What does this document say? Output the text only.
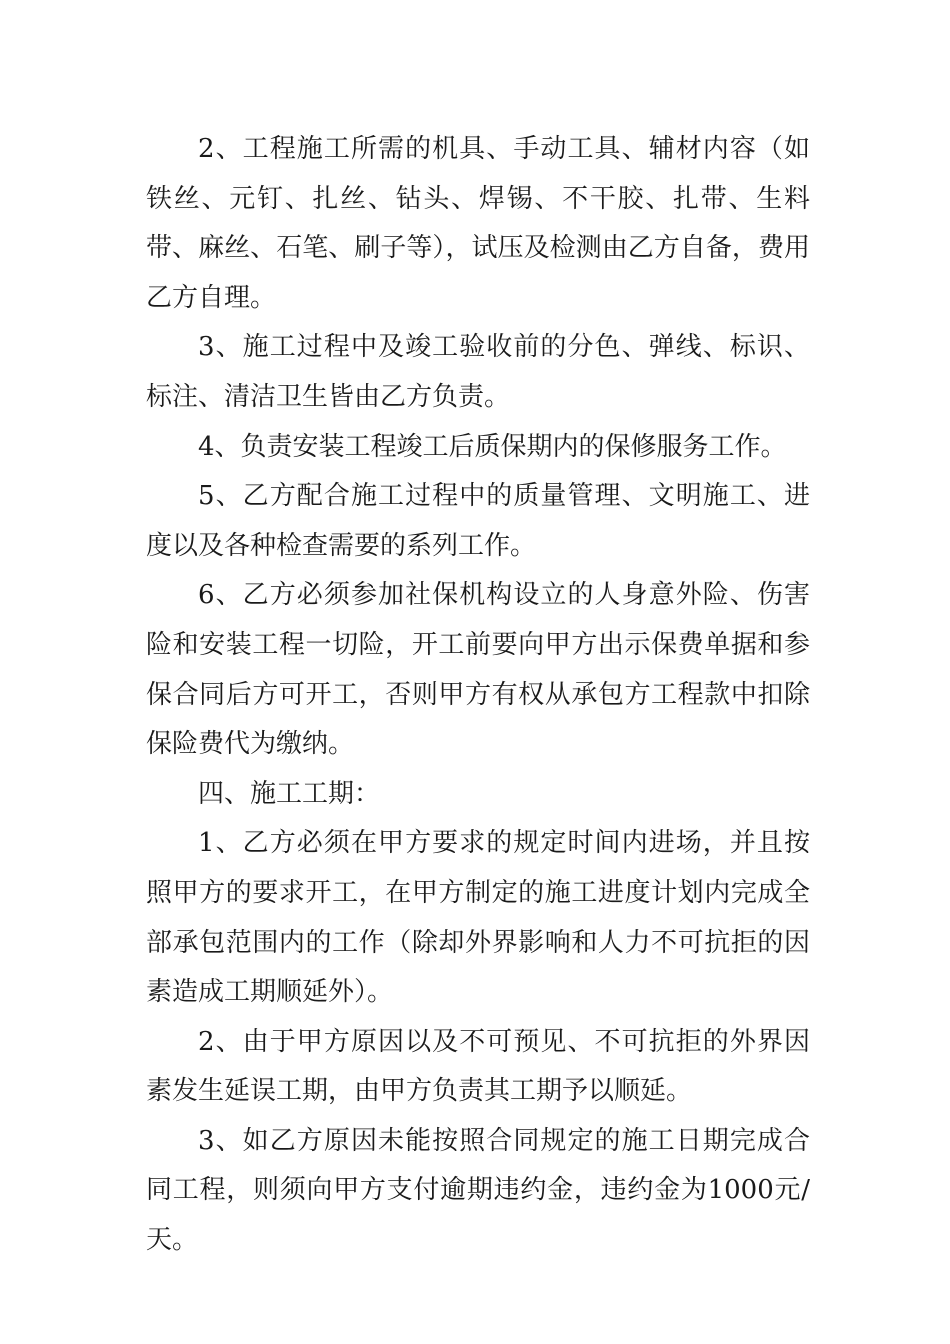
2、工程施工所需的机具、手动工具、辅材内容（如铁丝、元钉、扎丝、钻头、焊锡、不干胶、扎带、生料带、麻丝、石笔、刷子等），试压及检测由乙方自备，费用乙方自理。

3、施工过程中及竣工验收前的分色、弹线、标识、标注、清洁卫生皆由乙方负责。

4、负责安装工程竣工后质保期内的保修服务工作。

5、乙方配合施工过程中的质量管理、文明施工、进度以及各种检查需要的系列工作。

6、乙方必须参加社保机构设立的人身意外险、伤害险和安装工程一切险，开工前要向甲方出示保费单据和参保合同后方可开工，否则甲方有权从承包方工程款中扣除保险费代为缴纳。

四、施工工期：

1、乙方必须在甲方要求的规定时间内进场，并且按照甲方的要求开工，在甲方制定的施工进度计划内完成全部承包范围内的工作（除却外界影响和人力不可抗拒的因素造成工期顺延外）。

2、由于甲方原因以及不可预见、不可抗拒的外界因素发生延误工期，由甲方负责其工期予以顺延。

3、如乙方原因未能按照合同规定的施工日期完成合同工程，则须向甲方支付逾期违约金，违约金为1000元/天。
